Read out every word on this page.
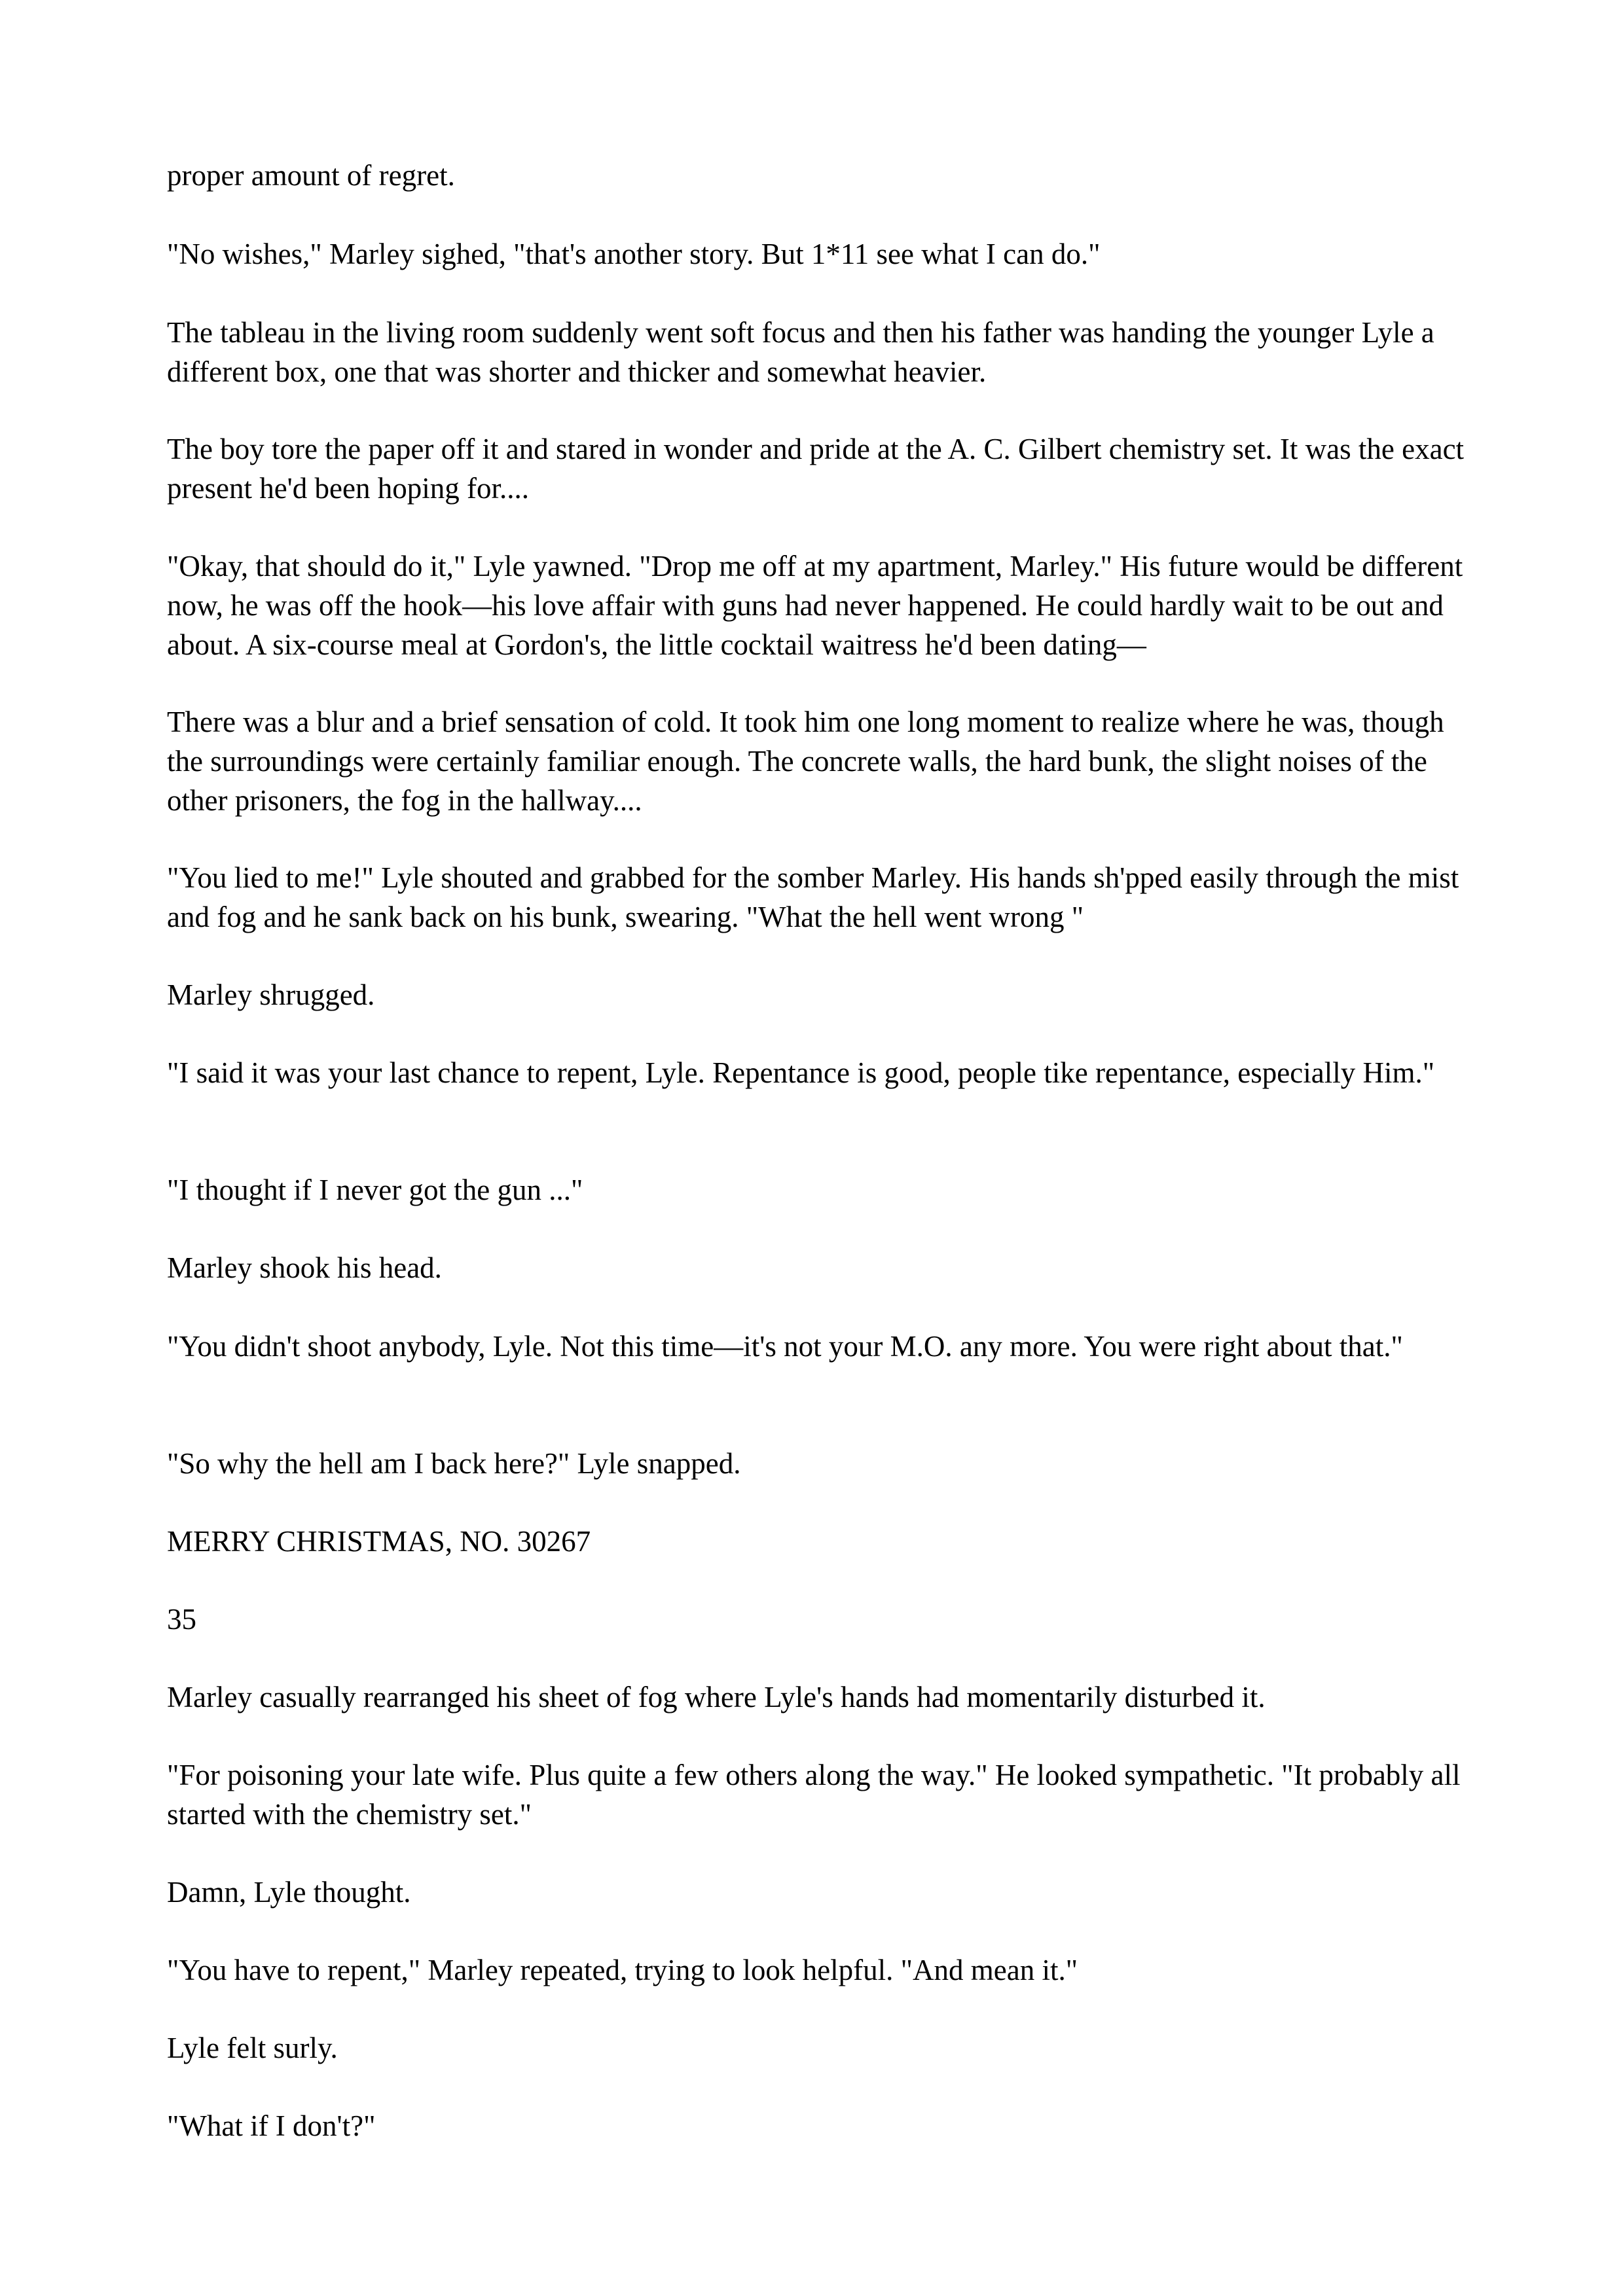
proper amount of regret.

"No wishes," Marley sighed, "that's another story. But 1*11 see what I can do."

The tableau in the living room suddenly went soft focus and then his father was handing the younger Lyle a different box, one that was shorter and thicker and somewhat heavier.

The boy tore the paper off it and stared in wonder and pride at the A. C. Gilbert chemistry set. It was the exact present he'd been hoping for....

"Okay, that should do it," Lyle yawned. "Drop me off at my apartment, Marley." His future would be different now, he was off the hook—his love affair with guns had never happened. He could hardly wait to be out and about. A six-course meal at Gordon's, the little cocktail waitress he'd been dating—

There was a blur and a brief sensation of cold. It took him one long moment to realize where he was, though the surroundings were certainly familiar enough. The concrete walls, the hard bunk, the slight noises of the other prisoners, the fog in the hallway....

"You lied to me!" Lyle shouted and grabbed for the somber Marley. His hands sh'pped easily through the mist and fog and he sank back on his bunk, swearing. "What the hell went wrong "

Marley shrugged.

"I said it was your last chance to repent, Lyle. Repentance is good, people tike repentance, especially Him."

"I thought if I never got the gun ..."

Marley shook his head.

"You didn't shoot anybody, Lyle. Not this time—it's not your M.O. any more. You were right about that."

"So why the hell am I back here?" Lyle snapped.

MERRY CHRISTMAS, NO. 30267

35

Marley casually rearranged his sheet of fog where Lyle's hands had momentarily disturbed it.

"For poisoning your late wife. Plus quite a few others along the way." He looked sympathetic. "It probably all started with the chemistry set."

Damn, Lyle thought.

"You have to repent," Marley repeated, trying to look helpful. "And mean it."

Lyle felt surly.

"What if I don't?"
